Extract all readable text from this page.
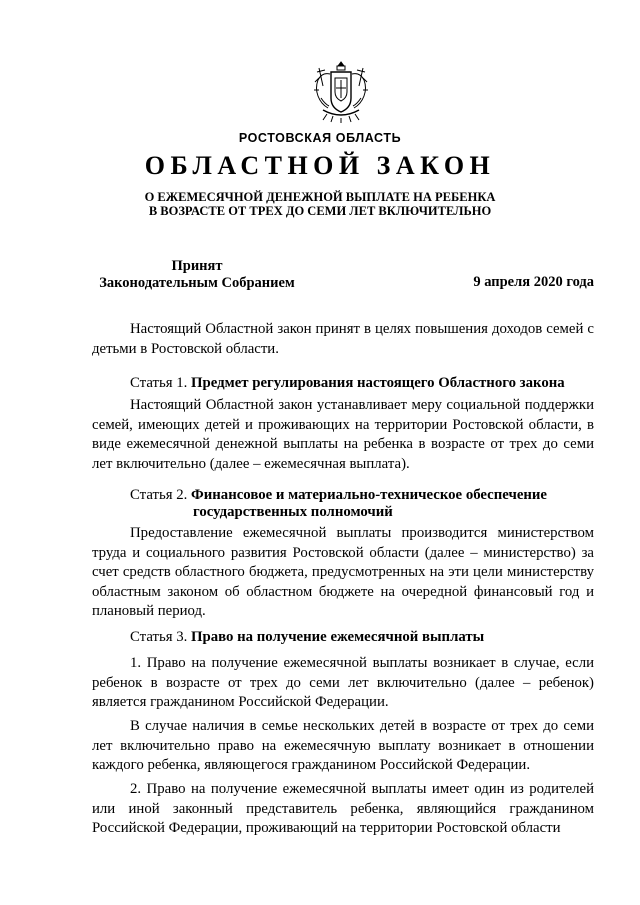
РОСТОВСКАЯ ОБЛАСТЬ
ОБЛАСТНОЙ ЗАКОН
О ЕЖЕМЕСЯЧНОЙ ДЕНЕЖНОЙ ВЫПЛАТЕ НА РЕБЕНКА
В ВОЗРАСТЕ ОТ ТРЕХ ДО СЕМИ ЛЕТ ВКЛЮЧИТЕЛЬНО
Принят
Законодательным Собранием	9 апреля 2020 года
Настоящий Областной закон принят в целях повышения доходов семей с детьми в Ростовской области.
Статья 1. Предмет регулирования настоящего Областного закона
Настоящий Областной закон устанавливает меру социальной поддержки семей, имеющих детей и проживающих на территории Ростовской области, в виде ежемесячной денежной выплаты на ребенка в возрасте от трех до семи лет включительно (далее – ежемесячная выплата).
Статья 2. Финансовое и материально-техническое обеспечение
государственных полномочий
Предоставление ежемесячной выплаты производится министерством труда и социального развития Ростовской области (далее – министерство) за счет средств областного бюджета, предусмотренных на эти цели министерству областным законом об областном бюджете на очередной финансовый год и плановый период.
Статья 3. Право на получение ежемесячной выплаты
1. Право на получение ежемесячной выплаты возникает в случае, если ребенок в возрасте от трех до семи лет включительно (далее – ребенок) является гражданином Российской Федерации.
В случае наличия в семье нескольких детей в возрасте от трех до семи лет включительно право на ежемесячную выплату возникает в отношении каждого ребенка, являющегося гражданином Российской Федерации.
2. Право на получение ежемесячной выплаты имеет один из родителей или иной законный представитель ребенка, являющийся гражданином Российской Федерации, проживающий на территории Ростовской области
